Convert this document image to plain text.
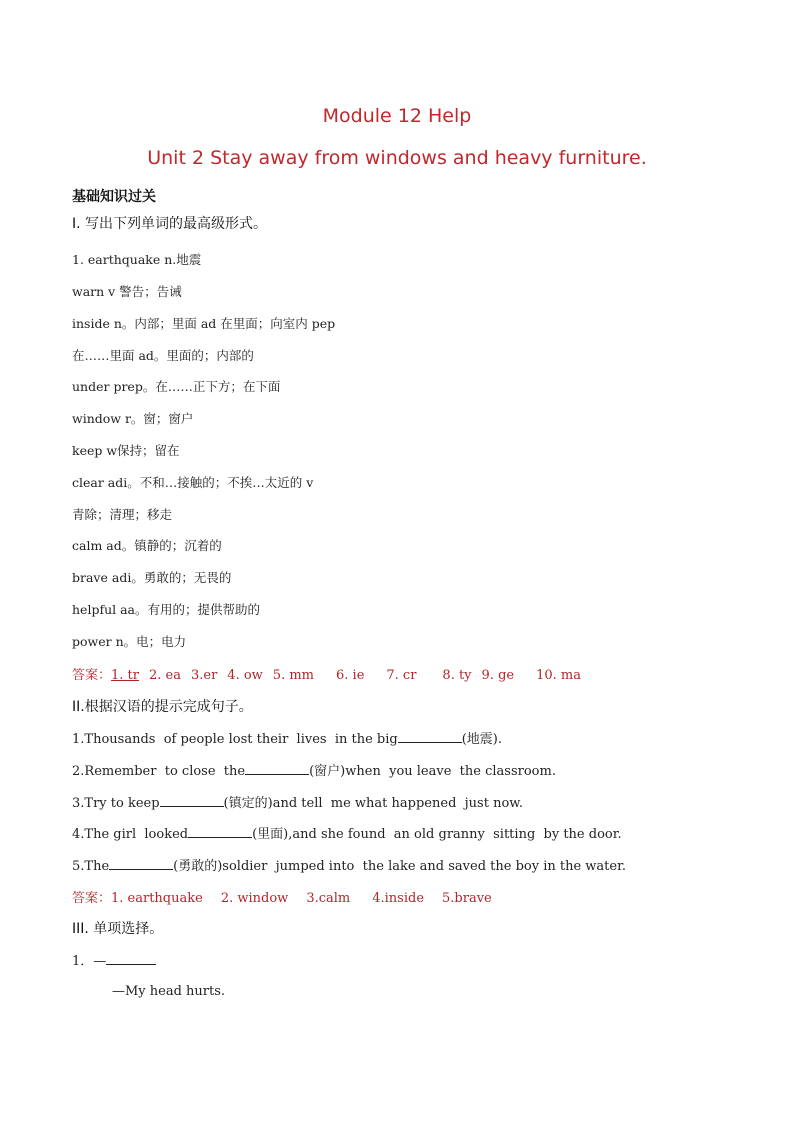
Module 12 Help
Unit 2 Stay away from windows and heavy furniture.
基础知识过关
I. 写出下列单词的最高级形式。
1. earthquake n.地震
warn v 警告；告诫
inside n。内部；里面 ad 在里面；向室内 pep
在……里面 ad。里面的；内部的
under prep。在……正下方；在下面
window r。窗；窗户
keep w保持；留在
clear adi。不和…接触的；不挨…太近的 v
青除；清理；移走
calm ad。镇静的；沉着的
brave adi。勇敢的；无畏的
helpful aa。有用的；提供帮助的
power n。电；电力
答案：1. tr 2. ea 3.er 4. ow 5. mm 6. ie 7. cr 8. ty 9. ge 10. ma
II.根据汉语的提示完成句子。
1.Thousands  of people lost their  lives  in the big	(地震).
2.Remember  to close  the	(窗户)when  you leave  the classroom.
3.Try to keep	(镇定的)and tell  me what happened  just now.
4.The girl  looked	(里面),and she found  an old granny  sitting  by the door.
5.The	(勇敢的)soldier  jumped into  the lake and saved the boy in the water.
答案：1. earthquake 2. window 3.calm 4.inside 5.brave
III. 单项选择。
1．—
—My head hurts.
